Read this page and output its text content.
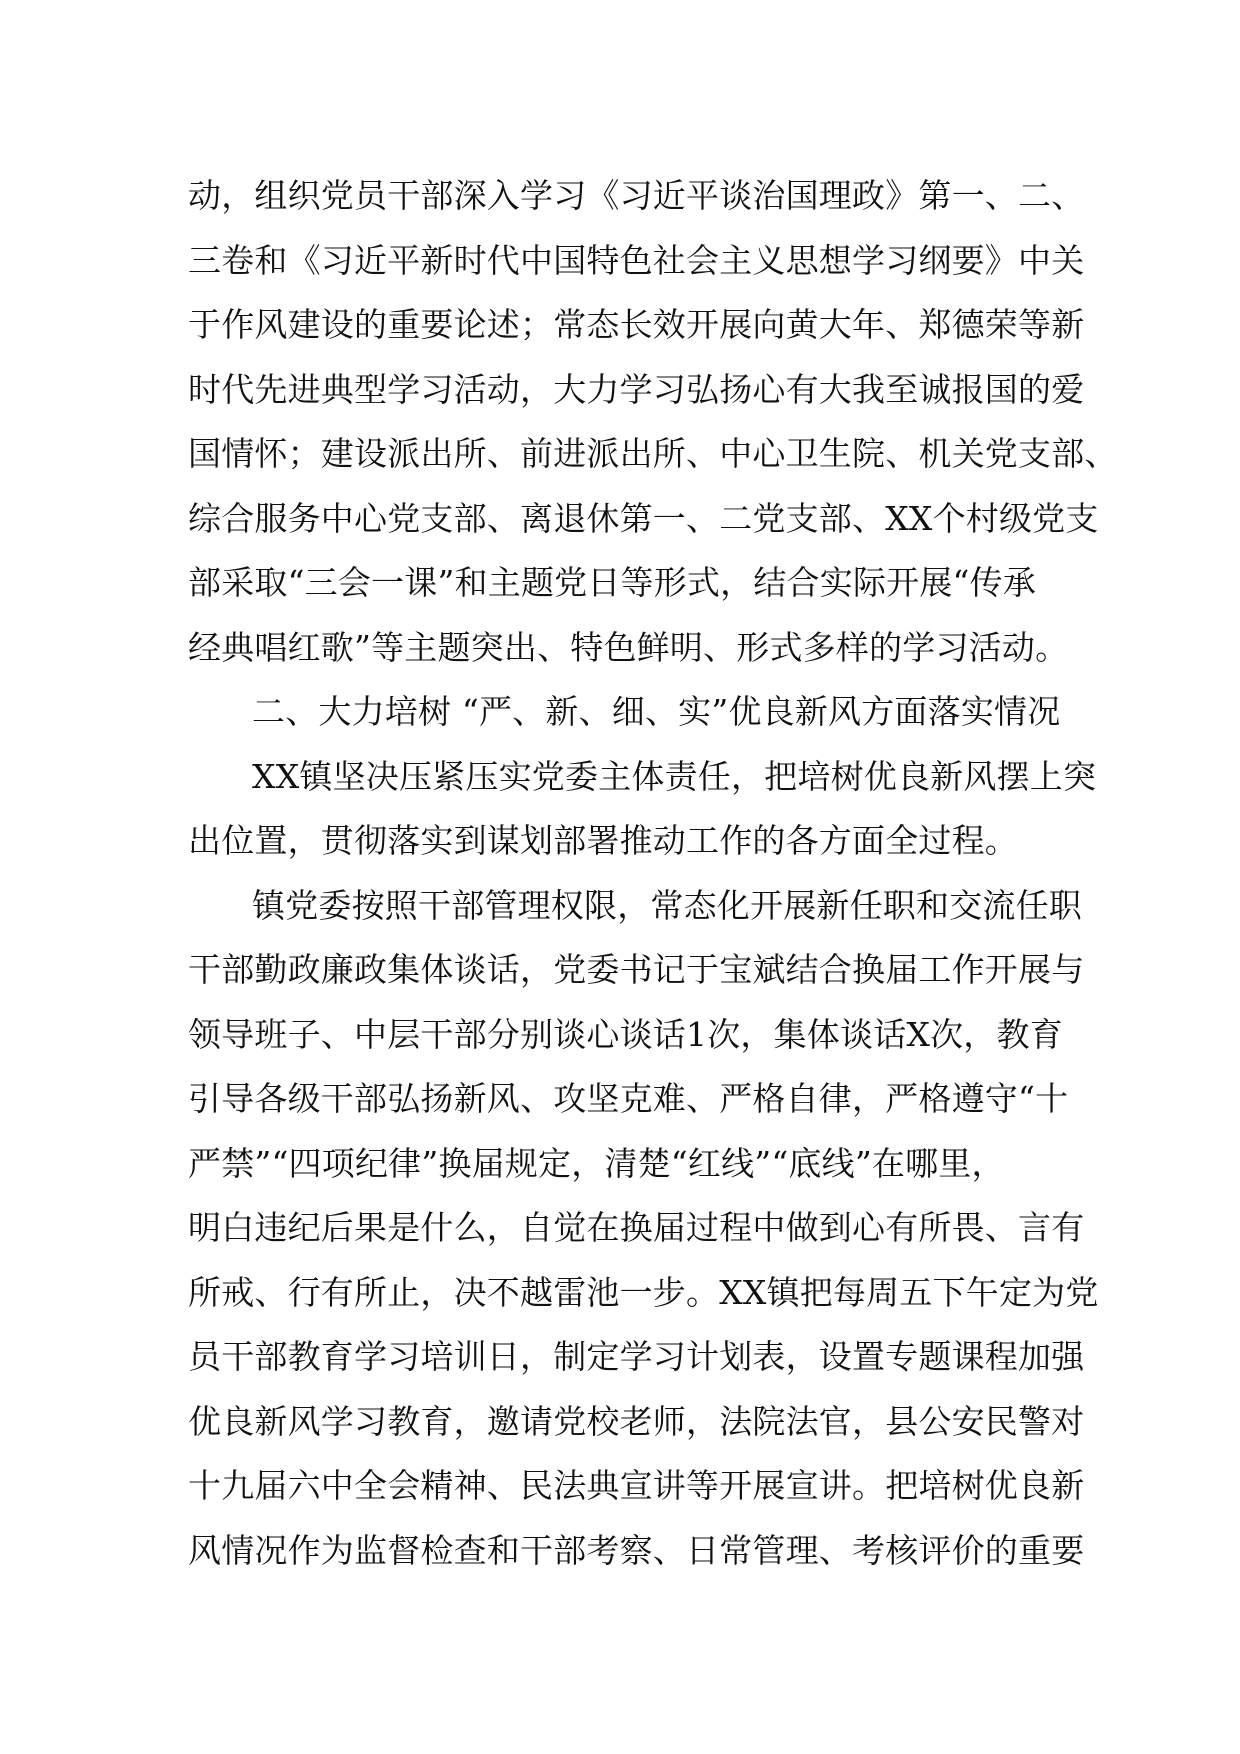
动，组织党员干部深入学习《习近平谈治国理政》第一、二、
三卷和《习近平新时代中国特色社会主义思想学习纲要》中关
于作风建设的重要论述；常态长效开展向黄大年、郑德荣等新
时代先进典型学习活动，大力学习弘扬心有大我至诚报国的爱
国情怀；建设派出所、前进派出所、中心卫生院、机关党支部、
综合服务中心党支部、离退休第一、二党支部、XX个村级党支
部采取“三会一课”和主题党日等形式，结合实际开展“传承
经典唱红歌”等主题突出、特色鲜明、形式多样的学习活动。

二、大力培树 “严、新、细、实”优良新风方面落实情况

XX镇坚决压紧压实党委主体责任，把培树优良新风摆上突
出位置，贯彻落实到谋划部署推动工作的各方面全过程。

镇党委按照干部管理权限，常态化开展新任职和交流任职
干部勤政廉政集体谈话，党委书记于宝斌结合换届工作开展与
领导班子、中层干部分别谈心谈话1次，集体谈话X次，教育
引导各级干部弘扬新风、攻坚克难、严格自律，严格遵守“十
严禁”“四项纪律”换届规定，清楚“红线”“底线”在哪里，
明白违纪后果是什么，自觉在换届过程中做到心有所畏、言有
所戒、行有所止，决不越雷池一步。XX镇把每周五下午定为党
员干部教育学习培训日，制定学习计划表，设置专题课程加强
优良新风学习教育，邀请党校老师，法院法官，县公安民警对
十九届六中全会精神、民法典宣讲等开展宣讲。把培树优良新
风情况作为监督检查和干部考察、日常管理、考核评价的重要
